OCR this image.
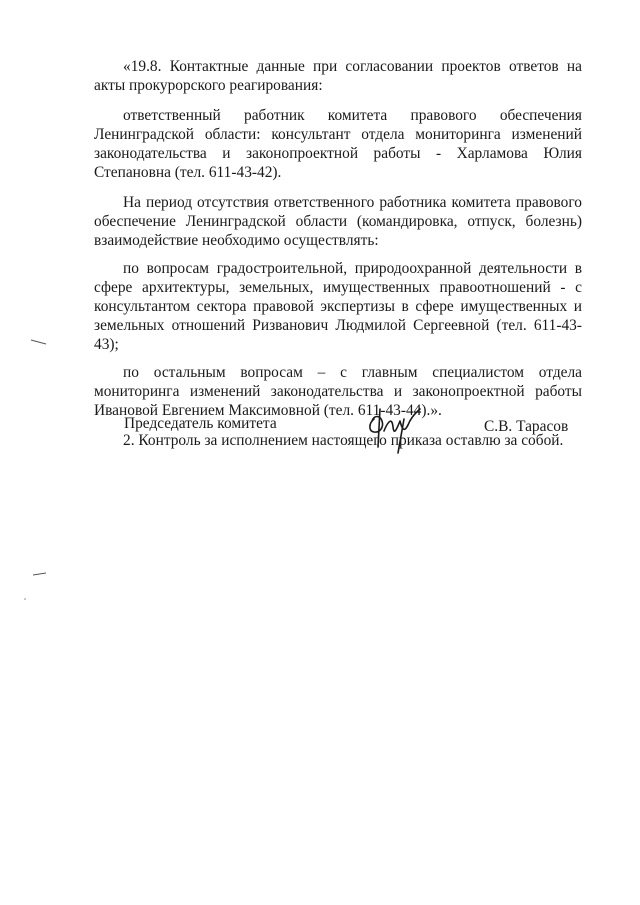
«19.8. Контактные данные при согласовании проектов ответов на акты прокурорского реагирования:

ответственный работник комитета правового обеспечения Ленинградской области: консультант отдела мониторинга изменений законодательства и законопроектной работы - Харламова Юлия Степановна (тел. 611-43-42).

На период отсутствия ответственного работника комитета правового обеспечение Ленинградской области (командировка, отпуск, болезнь) взаимодействие необходимо осуществлять:

по вопросам градостроительной, природоохранной деятельности в сфере архитектуры, земельных, имущественных правоотношений - с консультантом сектора правовой экспертизы в сфере имущественных и земельных отношений Ризванович Людмилой Сергеевной (тел. 611-43-43);

по остальным вопросам – с главным специалистом отдела мониторинга изменений законодательства и законопроектной работы Ивановой Евгением Максимовной (тел. 611-43-44).».

2. Контроль за исполнением настоящего приказа оставлю за собой.

Председатель комитета	С.В. Тарасов
